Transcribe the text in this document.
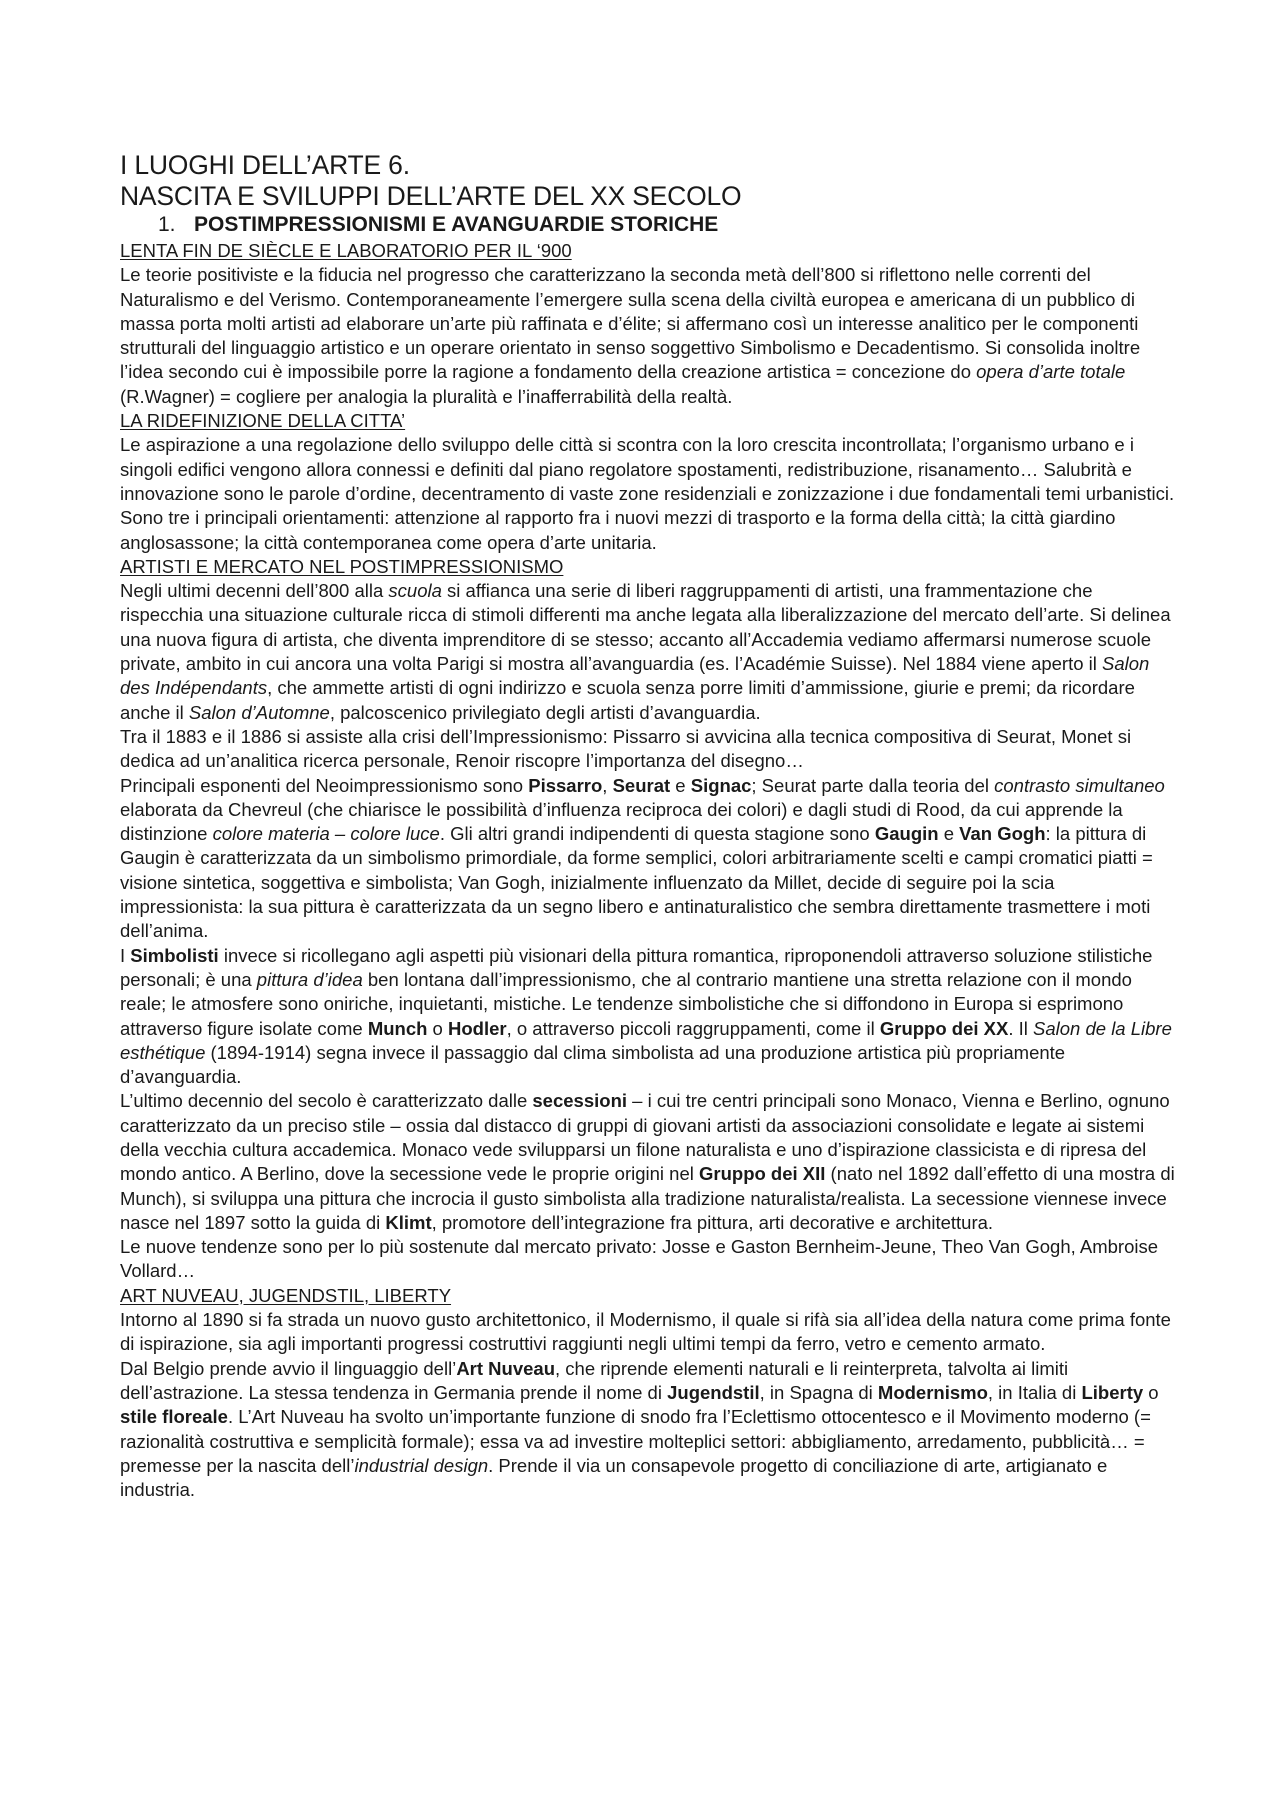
I LUOGHI DELL’ARTE 6.
NASCITA E SVILUPPI DELL’ARTE DEL XX SECOLO
1. POSTIMPRESSIONISMI E AVANGUARDIE STORICHE

LENTA FIN DE SIÈCLE E LABORATORIO PER IL ‘900

Le teorie positiviste e la fiducia nel progresso che caratterizzano la seconda metà dell’800 si riflettono nelle correnti del Naturalismo e del Verismo. Contemporaneamente l’emergere sulla scena della civiltà europea e americana di un pubblico di massa porta molti artisti ad elaborare un’arte più raffinata e d’élite; si affermano così un interesse analitico per le componenti strutturali del linguaggio artistico e un operare orientato in senso soggettivo Simbolismo e Decadentismo. Si consolida inoltre l’idea secondo cui è impossibile porre la ragione a fondamento della creazione artistica = concezione do opera d’arte totale (R.Wagner) = cogliere per analogia la pluralità e l’inafferrabilità della realtà.

LA RIDEFINIZIONE DELLA CITTA’

Le aspirazione a una regolazione dello sviluppo delle città si scontra con la loro crescita incontrollata; l’organismo urbano e i singoli edifici vengono allora connessi e definiti dal piano regolatore spostamenti, redistribuzione, risanamento… Salubrità e innovazione sono le parole d’ordine, decentramento di vaste zone residenziali e zonizzazione i due fondamentali temi urbanistici. Sono tre i principali orientamenti: attenzione al rapporto fra i nuovi mezzi di trasporto e la forma della città; la città giardino anglosassone; la città contemporanea come opera d’arte unitaria.

ARTISTI E MERCATO NEL POSTIMPRESSIONISMO

Negli ultimi decenni dell’800 alla scuola si affianca una serie di liberi raggruppamenti di artisti, una frammentazione che rispecchia una situazione culturale ricca di stimoli differenti ma anche legata alla liberalizzazione del mercato dell’arte. Si delinea una nuova figura di artista, che diventa imprenditore di se stesso; accanto all’Accademia vediamo affermarsi numerose scuole private, ambito in cui ancora una volta Parigi si mostra all’avanguardia (es. l’Académie Suisse). Nel 1884 viene aperto il Salon des Indépendants, che ammette artisti di ogni indirizzo e scuola senza porre limiti d’ammissione, giurie e premi; da ricordare anche il Salon d’Automne, palcoscenico privilegiato degli artisti d’avanguardia.

Tra il 1883 e il 1886 si assiste alla crisi dell’Impressionismo: Pissarro si avvicina alla tecnica compositiva di Seurat, Monet si dedica ad un’analitica ricerca personale, Renoir riscopre l’importanza del disegno…

Principali esponenti del Neoimpressionismo sono Pissarro, Seurat e Signac; Seurat parte dalla teoria del contrasto simultaneo elaborata da Chevreul (che chiarisce le possibilità d’influenza reciproca dei colori) e dagli studi di Rood, da cui apprende la distinzione colore materia – colore luce. Gli altri grandi indipendenti di questa stagione sono Gaugin e Van Gogh: la pittura di Gaugin è caratterizzata da un simbolismo primordiale, da forme semplici, colori arbitrariamente scelti e campi cromatici piatti = visione sintetica, soggettiva e simbolista; Van Gogh, inizialmente influenzato da Millet, decide di seguire poi la scia impressionista: la sua pittura è caratterizzata da un segno libero e antinaturalistico che sembra direttamente trasmettere i moti dell’anima.

I Simbolisti invece si ricollegano agli aspetti più visionari della pittura romantica, riproponendoli attraverso soluzione stilistiche personali; è una pittura d’idea ben lontana dall’impressionismo, che al contrario mantiene una stretta relazione con il mondo reale; le atmosfere sono oniriche, inquietanti, mistiche. Le tendenze simbolistiche che si diffondono in Europa si esprimono attraverso figure isolate come Munch o Hodler, o attraverso piccoli raggruppamenti, come il Gruppo dei XX. Il Salon de la Libre esthétique (1894-1914) segna invece il passaggio dal clima simbolista ad una produzione artistica più propriamente d’avanguardia.

L’ultimo decennio del secolo è caratterizzato dalle secessioni – i cui tre centri principali sono Monaco, Vienna e Berlino, ognuno caratterizzato da un preciso stile – ossia dal distacco di gruppi di giovani artisti da associazioni consolidate e legate ai sistemi della vecchia cultura accademica. Monaco vede svilupparsi un filone naturalista e uno d’ispirazione classicista e di ripresa del mondo antico. A Berlino, dove la secessione vede le proprie origini nel Gruppo dei XII (nato nel 1892 dall’effetto di una mostra di Munch), si sviluppa una pittura che incrocia il gusto simbolista alla tradizione naturalista/realista. La secessione viennese invece nasce nel 1897 sotto la guida di Klimt, promotore dell’integrazione fra pittura, arti decorative e architettura.

Le nuove tendenze sono per lo più sostenute dal mercato privato: Josse e Gaston Bernheim-Jeune, Theo Van Gogh, Ambroise Vollard…

ART NUVEAU, JUGENDSTIL, LIBERTY

Intorno al 1890 si fa strada un nuovo gusto architettonico, il Modernismo, il quale si rifà sia all’idea della natura come prima fonte di ispirazione, sia agli importanti progressi costruttivi raggiunti negli ultimi tempi da ferro, vetro e cemento armato.

Dal Belgio prende avvio il linguaggio dell’Art Nuveau, che riprende elementi naturali e li reinterpreta, talvolta ai limiti dell’astrazione. La stessa tendenza in Germania prende il nome di Jugendstil, in Spagna di Modernismo, in Italia di Liberty o stile floreale. L’Art Nuveau ha svolto un’importante funzione di snodo fra l’Eclettismo ottocentesco e il Movimento moderno (= razionalità costruttiva e semplicità formale); essa va ad investire molteplici settori: abbigliamento, arredamento, pubblicità… = premesse per la nascita dell’industrial design. Prende il via un consapevole progetto di conciliazione di arte, artigianato e industria.
